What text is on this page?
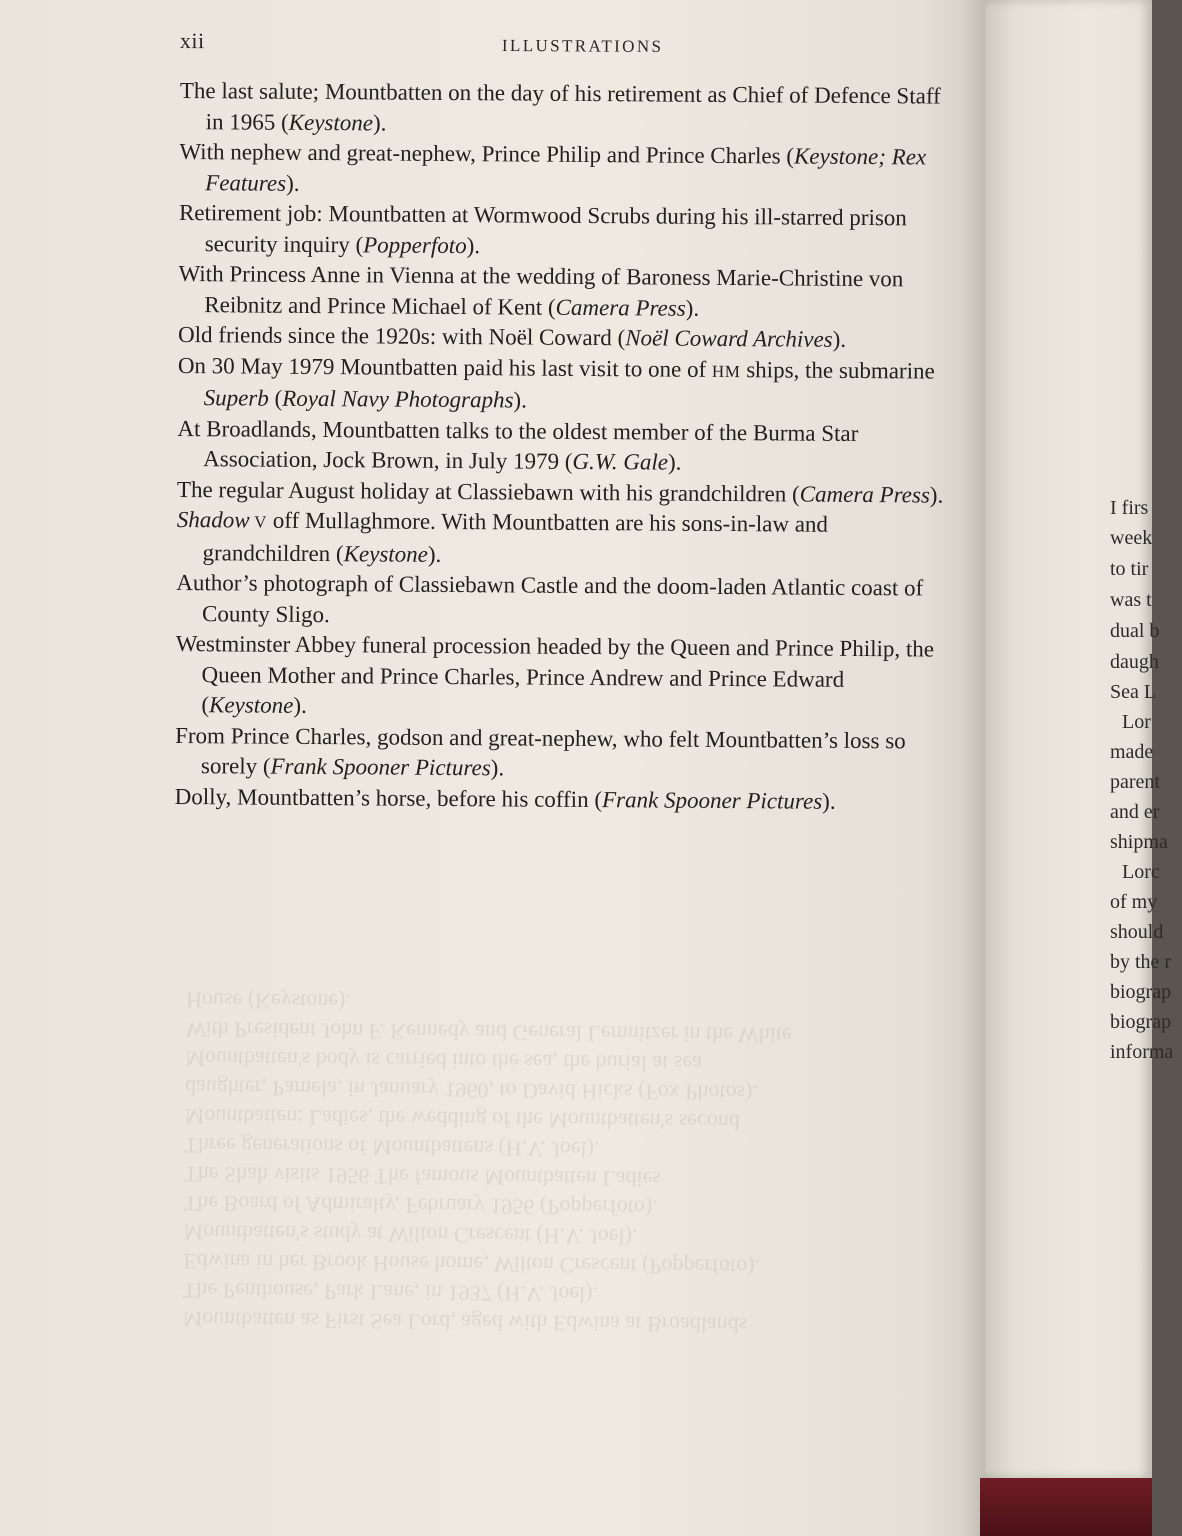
Mountbatten as First Sea Lord, aged with Edwina at Broadlands
The Penthouse, Park Lane, in 1937 (H.V. Joel).
Edwina in her Brook House home, Wilton Crescent (Popperfoto).
Mountbatten's study at Wilton Crescent (H.V. Joel).
The Board of Admiralty, February 1956 (Popperfoto).
The Shah visits 1956 The famous Mountbatten Ladies
Three generations of Mountbattens (H.V. Joel).
Mountbatten: Ladies, the wedding of the Mountbatten's second
daughter, Pamela, in January 1960, to David Hicks (Fox Photos).
Mountbatten's body is carried into the sea, the burial at sea
With President John F. Kennedy and General Lemnitzer in the White
House (Keystone).
xii	ILLUSTRATIONS

The last salute; Mountbatten on the day of his retirement as Chief of Defence Staff in 1965 (Keystone).

With nephew and great-nephew, Prince Philip and Prince Charles (Keystone; Rex Features).

Retirement job: Mountbatten at Wormwood Scrubs during his ill-starred prison security inquiry (Popperfoto).

With Princess Anne in Vienna at the wedding of Baroness Marie-Christine von Reibnitz and Prince Michael of Kent (Camera Press).

Old friends since the 1920s: with Noël Coward (Noël Coward Archives).

On 30 May 1979 Mountbatten paid his last visit to one of HM ships, the submarine Superb (Royal Navy Photographs).

At Broadlands, Mountbatten talks to the oldest member of the Burma Star Association, Jock Brown, in July 1979 (G.W. Gale).

The regular August holiday at Classiebawn with his grandchildren (Camera Press).

Shadow V off Mullaghmore. With Mountbatten are his sons-in-law and grandchildren (Keystone).

Author’s photograph of Classiebawn Castle and the doom-laden Atlantic coast of County Sligo.

Westminster Abbey funeral procession headed by the Queen and Prince Philip, the Queen Mother and Prince Charles, Prince Andrew and Prince Edward (Keystone).

From Prince Charles, godson and great-nephew, who felt Mountbatten’s loss so sorely (Frank Spooner Pictures).

Dolly, Mountbatten’s horse, before his coffin (Frank Spooner Pictures).

I firs
week
to tir
was t
dual b
daugh
Sea L
Lor
made
parent
and er
shipma
Lorc
of my
should
by the r
biograp
biograp
informa
